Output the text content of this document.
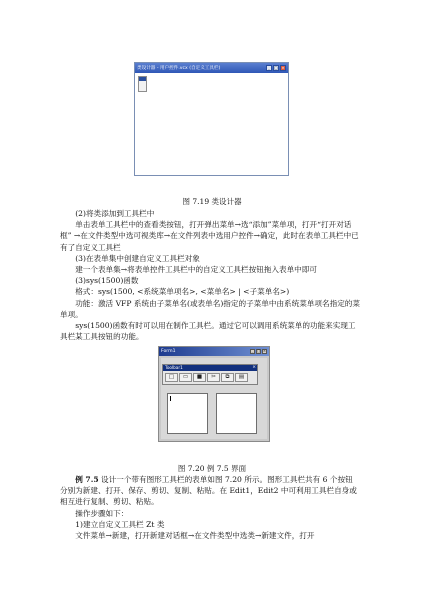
类设计器 - 用户控件.vcx (自定义工具栏)	_	□ ×
图 7.19 类设计器

(2)将类添加到工具栏中

单击表单工具栏中的查看类按钮，打开弹出菜单→选“添加”菜单项，打开“打开对话框” →在文件类型中选可视类库→在文件列表中选用户控件→确定，此时在表单工具栏中已有了自定义工具栏

(3)在表单集中创建自定义工具栏对象

建一个表单集→将表单控件工具栏中的自定义工具栏按钮拖入表单中即可

(3)sys(1500)函数

格式：sys(1500, <系统菜单项名>, <菜单名> | <子菜单名>)

功能：激活 VFP 系统由子菜单名(或表单名)指定的子菜单中由系统菜单项名指定的菜单项。

sys(1500)函数有时可以用在制作工具栏。通过它可以调用系统菜单的功能来实现工具栏某工具按钮的功能。

Form1	_	□ ×
Toolbar1	×
□	▭	■	✂	⧉	▤
图 7.20 例 7.5 界面

例 7.5 设计一个带有图形工具栏的表单如图 7.20 所示。图形工具栏共有 6 个按钮分别为新建、打开、保存、剪切、复制、粘贴。在 Edit1，Edit2 中可利用工具栏自身或相互进行复制、剪切、粘贴。

操作步骤如下：

1)建立自定义工具栏 Zt 类

文件菜单→新建，打开新建对话框→在文件类型中选类→新建文件，打开
